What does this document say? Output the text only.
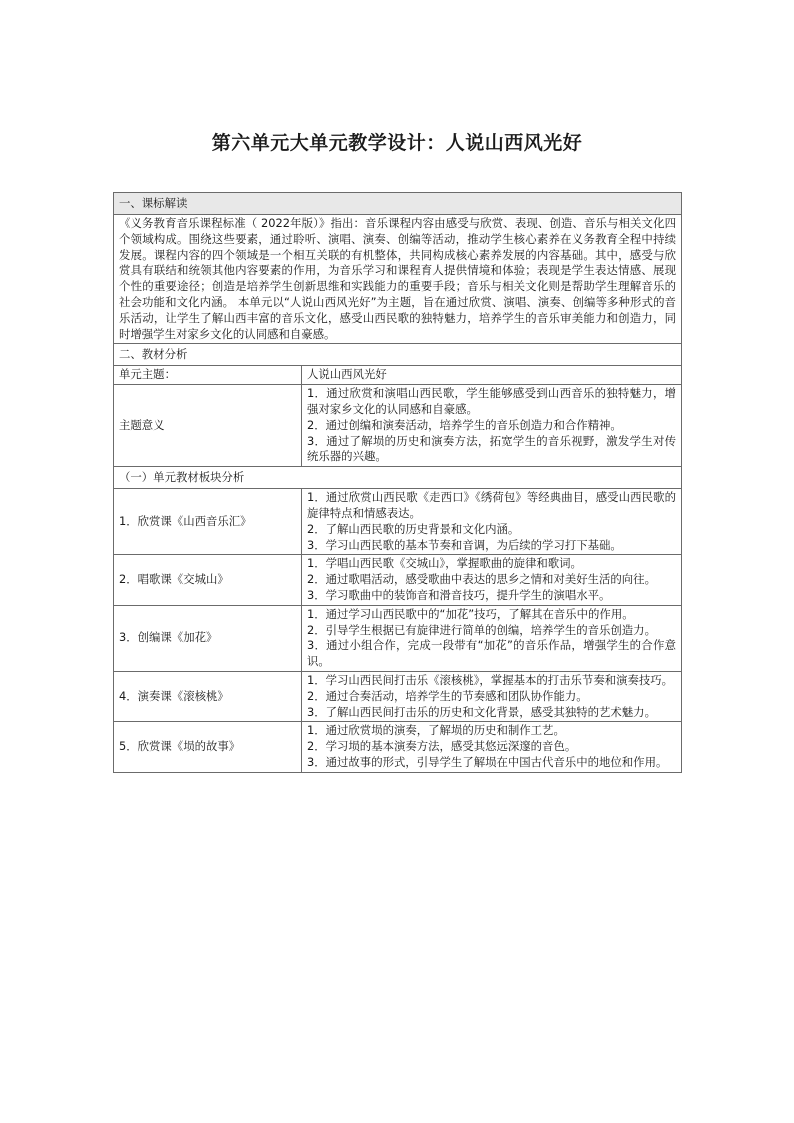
第六单元大单元教学设计：人说山西风光好
一、课标解读	
《义务教育音乐课程标准（ 2022年版）》指出：音乐课程内容由感受与欣赏、表现、创造、音乐与相关文化四个领域构成。围绕这些要素，通过聆听、演唱、演奏、创编等活动，推动学生核心素养在义务教育全程中持续发展。课程内容的四个领域是一个相互关联的有机整体，共同构成核心素养发展的内容基础。其中，感受与欣赏具有联结和统领其他内容要素的作用，为音乐学习和课程育人提供情境和体验；表现是学生表达情感、展现个性的重要途径；创造是培养学生创新思维和实践能力的重要手段；音乐与相关文化则是帮助学生理解音乐的社会功能和文化内涵。 本单元以“人说山西风光好”为主题，旨在通过欣赏、演唱、演奏、创编等多种形式的音乐活动，让学生了解山西丰富的音乐文化，感受山西民歌的独特魅力，培养学生的音乐审美能力和创造力，同时增强学生对家乡文化的认同感和自豪感。	
二、教材分析	
单元主题：	人说山西风光好
主题意义	1．通过欣赏和演唱山西民歌，学生能够感受到山西音乐的独特魅力，增强对家乡文化的认同感和自豪感。

2．通过创编和演奏活动，培养学生的音乐创造力和合作精神。

3．通过了解埙的历史和演奏方法，拓宽学生的音乐视野，激发学生对传统乐器的兴趣。

（一）单元教材板块分析	
1．欣赏课《山西音乐汇》	1．通过欣赏山西民歌《走西口》《绣荷包》等经典曲目，感受山西民歌的旋律特点和情感表达。

2．了解山西民歌的历史背景和文化内涵。

3．学习山西民歌的基本节奏和音调，为后续的学习打下基础。

2．唱歌课《交城山》	1．学唱山西民歌《交城山》，掌握歌曲的旋律和歌词。

2．通过歌唱活动，感受歌曲中表达的思乡之情和对美好生活的向往。

3．学习歌曲中的装饰音和滑音技巧，提升学生的演唱水平。

3．创编课《加花》	1．通过学习山西民歌中的“加花”技巧，了解其在音乐中的作用。

2．引导学生根据已有旋律进行简单的创编，培养学生的音乐创造力。

3．通过小组合作，完成一段带有“加花”的音乐作品，增强学生的合作意识。

4．演奏课《滚核桃》	1．学习山西民间打击乐《滚核桃》，掌握基本的打击乐节奏和演奏技巧。

2．通过合奏活动，培养学生的节奏感和团队协作能力。

3．了解山西民间打击乐的历史和文化背景，感受其独特的艺术魅力。

5．欣赏课《埙的故事》	1．通过欣赏埙的演奏，了解埙的历史和制作工艺。

2．学习埙的基本演奏方法，感受其悠远深邃的音色。

3．通过故事的形式，引导学生了解埙在中国古代音乐中的地位和作用。
